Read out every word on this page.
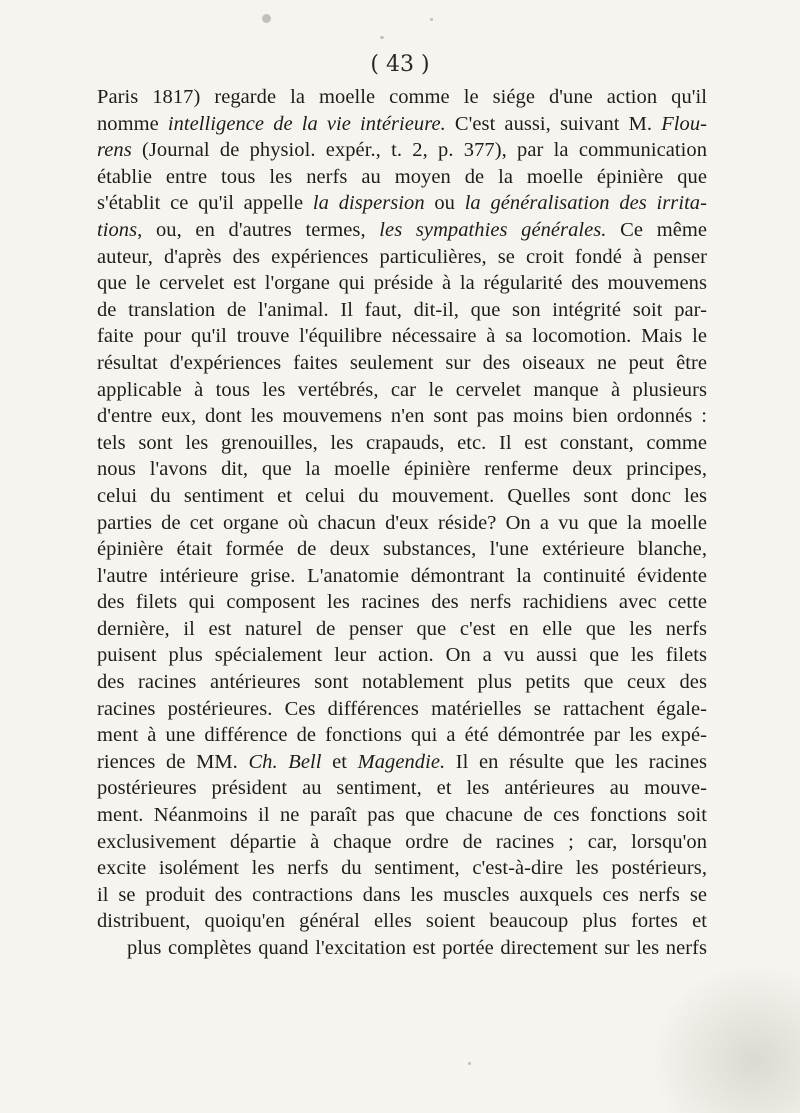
( 43 )
Paris 1817) regarde la moelle comme le siége d'une action qu'il
nomme intelligence de la vie intérieure. C'est aussi, suivant M. Flou-
rens (Journal de physiol. expér., t. 2, p. 377), par la communication
établie entre tous les nerfs au moyen de la moelle épinière que
s'établit ce qu'il appelle la dispersion ou la généralisation des irrita-
tions, ou, en d'autres termes, les sympathies générales. Ce même
auteur, d'après des expériences particulières, se croit fondé à penser
que le cervelet est l'organe qui préside à la régularité des mouvemens
de translation de l'animal. Il faut, dit-il, que son intégrité soit par-
faite pour qu'il trouve l'équilibre nécessaire à sa locomotion. Mais le
résultat d'expériences faites seulement sur des oiseaux ne peut être
applicable à tous les vertébrés, car le cervelet manque à plusieurs
d'entre eux, dont les mouvemens n'en sont pas moins bien ordonnés :
tels sont les grenouilles, les crapauds, etc. Il est constant, comme
nous l'avons dit, que la moelle épinière renferme deux principes,
celui du sentiment et celui du mouvement. Quelles sont donc les
parties de cet organe où chacun d'eux réside? On a vu que la moelle
épinière était formée de deux substances, l'une extérieure blanche,
l'autre intérieure grise. L'anatomie démontrant la continuité évidente
des filets qui composent les racines des nerfs rachidiens avec cette
dernière, il est naturel de penser que c'est en elle que les nerfs
puisent plus spécialement leur action. On a vu aussi que les filets
des racines antérieures sont notablement plus petits que ceux des
racines postérieures. Ces différences matérielles se rattachent égale-
ment à une différence de fonctions qui a été démontrée par les expé-
riences de MM. Ch. Bell et Magendie. Il en résulte que les racines
postérieures président au sentiment, et les antérieures au mouve-
ment. Néanmoins il ne paraît pas que chacune de ces fonctions soit
exclusivement départie à chaque ordre de racines ; car, lorsqu'on
excite isolément les nerfs du sentiment, c'est-à-dire les postérieurs,
il se produit des contractions dans les muscles auxquels ces nerfs se
distribuent, quoiqu'en général elles soient beaucoup plus fortes et
plus complètes quand l'excitation est portée directement sur les nerfs
